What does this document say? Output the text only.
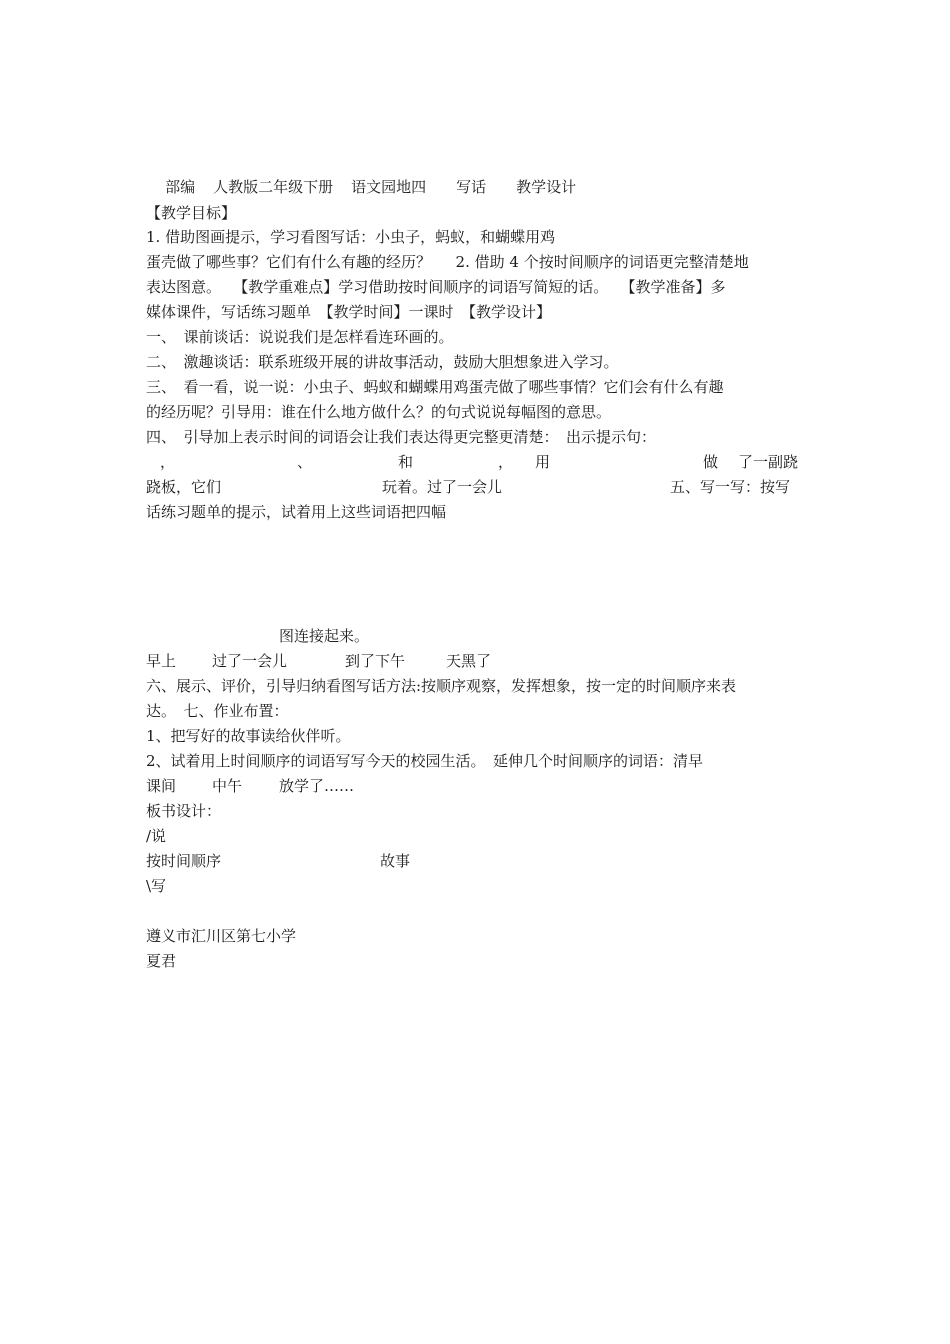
部编 人教版二年级下册 语文园地四 写话 教学设计

【教学目标】
1. 借助图画提示，学习看图写话：小虫子，蚂蚁，和蝴蝶用鸡
蛋壳做了哪些事？它们有什么有趣的经历？　  2. 借助 4 个按时间顺序的词语更完整清楚地
表达图意。　 【教学重难点】学习借助按时间顺序的词语写简短的话。　 【教学准备】多
媒体课件，写话练习题单　【教学时间】一课时　【教学设计】
一、　课前谈话：说说我们是怎样看连环画的。
二、　激趣谈话：联系班级开展的讲故事活动，鼓励大胆想象进入学习。
三、　看一看，说一说：小虫子、蚂蚁和蝴蝶用鸡蛋壳做了哪些事情？它们会有什么有趣
的经历呢？引导用：谁在什么地方做什么？的句式说说每幅图的意思。
四、　引导加上表示时间的词语会让我们表达得更完整更清楚：　出示提示句：
，	、	和	， 用	做 了一副跷
跷板，它们	玩着。过了一会儿	五、写一写：按写
话练习题单的提示，试着用上这些词语把四幅
图连接起来。
早上 过了一会儿	到了下午	天黑了
六、展示、评价，引导归纳看图写话方法:按顺序观察，发挥想象，按一定的时间顺序来表
达。　七、作业布置：
1、把写好的故事读给伙伴听。
2、试着用上时间顺序的词语写写今天的校园生活。　延伸几个时间顺序的词语：清早
课间 中午 放学了……
板书设计：
/说
按时间顺序	故事
\写
遵义市汇川区第七小学
夏君
